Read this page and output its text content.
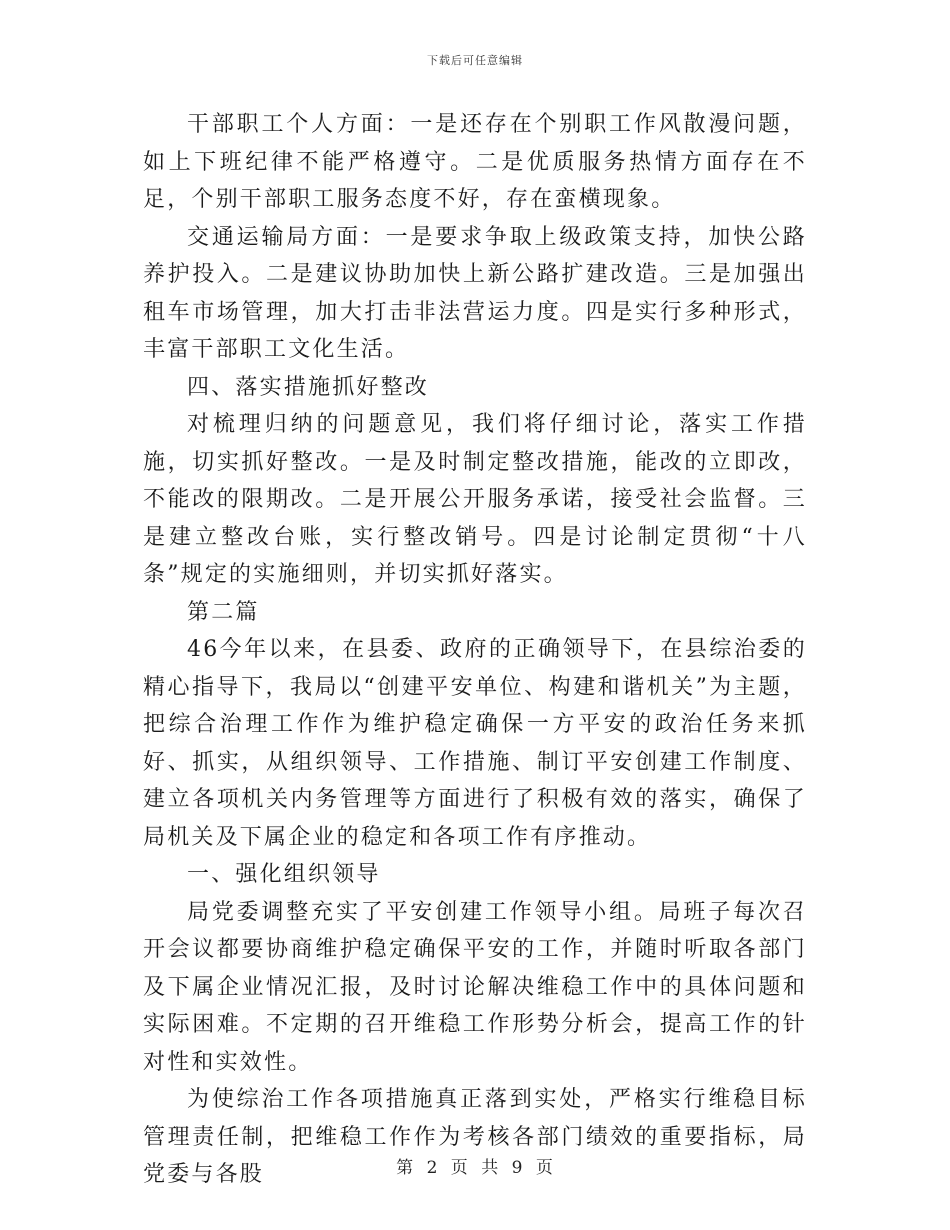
下载后可任意编辑

干部职工个人方面：一是还存在个别职工作风散漫问题，如上下班纪律不能严格遵守。二是优质服务热情方面存在不足，个别干部职工服务态度不好，存在蛮横现象。

交通运输局方面：一是要求争取上级政策支持，加快公路养护投入。二是建议协助加快上新公路扩建改造。三是加强出租车市场管理，加大打击非法营运力度。四是实行多种形式，丰富干部职工文化生活。

四、落实措施抓好整改

对梳理归纳的问题意见，我们将仔细讨论，落实工作措施，切实抓好整改。一是及时制定整改措施，能改的立即改，不能改的限期改。二是开展公开服务承诺，接受社会监督。三是建立整改台账，实行整改销号。四是讨论制定贯彻“十八条”规定的实施细则，并切实抓好落实。

第二篇

46今年以来，在县委、政府的正确领导下，在县综治委的精心指导下，我局以“创建平安单位、构建和谐机关”为主题，把综合治理工作作为维护稳定确保一方平安的政治任务来抓好、抓实，从组织领导、工作措施、制订平安创建工作制度、建立各项机关内务管理等方面进行了积极有效的落实，确保了局机关及下属企业的稳定和各项工作有序推动。

一、强化组织领导

局党委调整充实了平安创建工作领导小组。局班子每次召开会议都要协商维护稳定确保平安的工作，并随时听取各部门及下属企业情况汇报，及时讨论解决维稳工作中的具体问题和实际困难。不定期的召开维稳工作形势分析会，提高工作的针对性和实效性。

为使综治工作各项措施真正落到实处，严格实行维稳目标管理责任制，把维稳工作作为考核各部门绩效的重要指标，局党委与各股	第 2 页 共 9 页
